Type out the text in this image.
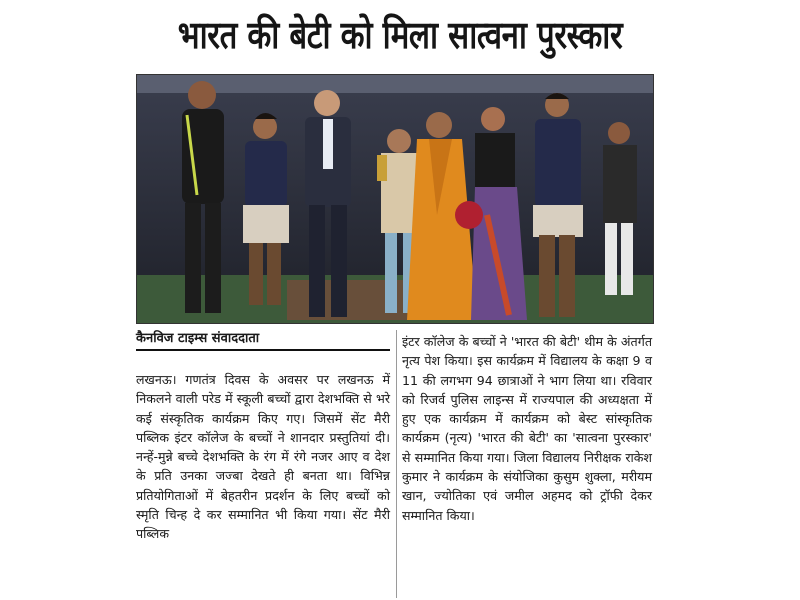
भारत की बेटी को मिला सात्वना पुरस्कार
कैनविज टाइम्स संवाददाता

लखनऊ। गणतंत्र दिवस के अवसर पर लखनऊ में निकलने वाली परेड में स्कूली बच्चों द्वारा देशभक्ति से भरे कई संस्कृतिक कार्यक्रम किए गए। जिसमें सेंट मैरी पब्लिक इंटर कॉलेज के बच्चों ने शानदार प्रस्तुतियां दी। नन्हें-मुन्ने बच्चे देशभक्ति के रंग में रंगे नजर आए व देश के प्रति उनका जज्बा देखते ही बनता था। विभिन्न प्रतियोगिताओं में बेहतरीन प्रदर्शन के लिए बच्चों को स्मृति चिन्ह दे कर सम्मानित भी किया गया। सेंट मैरी पब्लिक

इंटर कॉलेज के बच्चों ने 'भारत की बेटी' थीम के अंतर्गत नृत्य पेश किया। इस कार्यक्रम में विद्यालय के कक्षा 9 व 11 की लगभग 94 छात्राओं ने भाग लिया था। रविवार को रिजर्व पुलिस लाइन्स में राज्यपाल की अध्यक्षता में हुए एक कार्यक्रम में कार्यक्रम को बेस्ट सांस्कृतिक कार्यक्रम (नृत्य) 'भारत की बेटी' का 'सात्वना पुरस्कार' से सम्मानित किया गया। जिला विद्यालय निरीक्षक राकेश कुमार ने कार्यक्रम के संयोजिका कुसुम शुक्ला, मरीयम खान, ज्योतिका एवं जमील अहमद को ट्रॉफी देकर सम्मानित किया।
